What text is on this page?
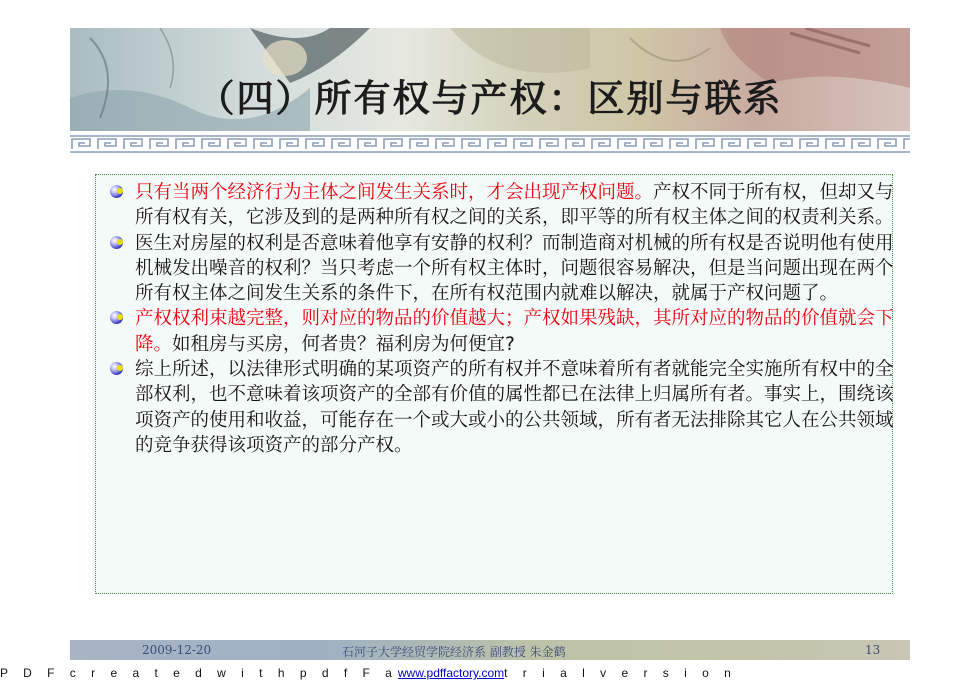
（四）所有权与产权：区别与联系
只有当两个经济行为主体之间发生关系时，才会出现产权问题。产权不同于所有权，但却又与所有权有关，它涉及到的是两种所有权之间的关系，即平等的所有权主体之间的权责利关系。
医生对房屋的权利是否意味着他享有安静的权利？而制造商对机械的所有权是否说明他有使用机械发出噪音的权利？当只考虑一个所有权主体时，问题很容易解决，但是当问题出现在两个所有权主体之间发生关系的条件下，在所有权范围内就难以解决，就属于产权问题了。
产权权利束越完整，则对应的物品的价值越大；产权如果残缺，其所对应的物品的价值就会下降。如租房与买房，何者贵？福利房为何便宜?
综上所述，以法律形式明确的某项资产的所有权并不意味着所有者就能完全实施所有权中的全部权利，也不意味着该项资产的全部有价值的属性都已在法律上归属所有者。事实上，围绕该项资产的使用和收益，可能存在一个或大或小的公共领域，所有者无法排除其它人在公共领域的竞争获得该项资产的部分产权。
2009-12-20	石河子大学经贸学院经济系 副教授 朱金鹤	13
P D F c r e a t e d w i t h p d f F awww.pdffactory.comt r i a l v e r s i o n
